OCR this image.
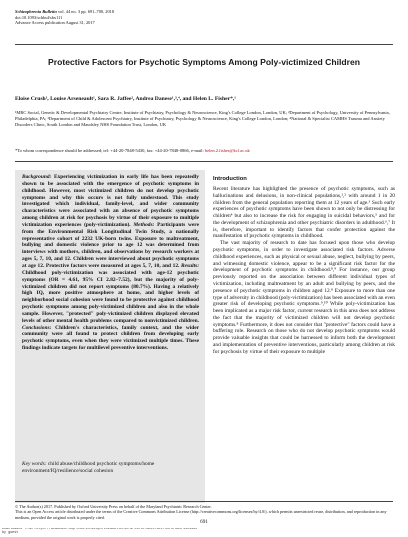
Schizophrenia Bulletin vol. 44 no. 3 pp. 691–700, 2018
doi:10.1093/schbul/sbx111
Advance Access publication August 31, 2017
Protective Factors for Psychotic Symptoms Among Poly-victimized Children
Eloise Crush¹, Louise Arseneault¹, Sara R. Jaffee², Andrea Danese¹,³,⁴, and Helen L. Fisher*,¹
¹MRC Social, Genetic & Developmental Psychiatry Centre, Institute of Psychiatry, Psychology & Neuroscience, King's College London, London, UK; ²Department of Psychology, University of Pennsylvania, Philadelphia, PA; ³Department of Child & Adolescent Psychiatry, Institute of Psychiatry, Psychology & Neuroscience, King's College London, London; ⁴National & Specialist CAMHS Trauma and Anxiety Disorders Clinic, South London and Maudsley NHS Foundation Trust, London, UK
*To whom correspondence should be addressed; tel: +44-20-7848-5430, fax: +44-20-7848-0866, e-mail: helen.2.fisher@kcl.ac.uk
Background: Experiencing victimization in early life has been repeatedly shown to be associated with the emergence of psychotic symptoms in childhood. However, most victimized children do not develop psychotic symptoms and why this occurs is not fully understood. This study investigated which individual, family-level, and wider community characteristics were associated with an absence of psychotic symptoms among children at risk for psychosis by virtue of their exposure to multiple victimization experiences (poly-victimization). Methods: Participants were from the Environmental Risk Longitudinal Twin Study, a nationally representative cohort of 2232 UK-born twins. Exposure to maltreatment, bullying and domestic violence prior to age 12 was determined from interviews with mothers, children, and observations by research workers at ages 5, 7, 10, and 12. Children were interviewed about psychotic symptoms at age 12. Protective factors were measured at ages 5, 7, 10, and 12. Results: Childhood poly-victimization was associated with age-12 psychotic symptoms (OR = 4.61, 95% CI 2.82–7.52), but the majority of poly-victimized children did not report symptoms (80.7%). Having a relatively high IQ, more positive atmosphere at home, and higher levels of neighborhood social cohesion were found to be protective against childhood psychotic symptoms among poly-victimized children and also in the whole sample. However, "protected" poly-victimized children displayed elevated levels of other mental health problems compared to nonvictimized children. Conclusions: Children's characteristics, family context, and the wider community were all found to protect children from developing early psychotic symptoms, even when they were victimized multiple times. These findings indicate targets for multilevel preventive interventions.
Key words: child abuse/childhood psychotic symptoms/home environment/IQ/resilience/social cohesion
Introduction

Recent literature has highlighted the presence of psychotic symptoms, such as hallucinations and delusions, in non-clinical populations,¹,² with around 1 in 20 children from the general population reporting them at 12 years of age.³ Such early experiences of psychotic symptoms have been shown to not only be distressing for children⁴ but also to increase the risk for engaging in suicidal behaviors,⁵ and for the development of schizophrenia and other psychiatric disorders in adulthood.⁶,⁷ It is, therefore, important to identify factors that confer protection against the manifestation of psychotic symptoms in childhood.

The vast majority of research to date has focused upon those who develop psychotic symptoms, in order to investigate associated risk factors. Adverse childhood experiences, such as physical or sexual abuse, neglect, bullying by peers, and witnessing domestic violence, appear to be a significant risk factor for the development of psychotic symptoms in childhood.⁸,⁹ For instance, our group previously reported on the association between different individual types of victimization, including maltreatment by an adult and bullying by peers, and the presence of psychotic symptoms in children aged 12.⁸ Exposure to more than one type of adversity in childhood (poly-victimization) has been associated with an even greater risk of developing psychotic symptoms.⁹,¹⁰ While poly-victimization has been implicated as a major risk factor, current research in this area does not address the fact that the majority of victimized children will not develop psychotic symptoms.⁸ Furthermore, it does not consider that "protective" factors could have a buffering role. Research on those who do not develop psychotic symptoms would provide valuable insights that could be harnessed to inform both the development and implementation of preventive interventions, particularly among children at risk for psychosis by virtue of their exposure to multiple

© The Author(s) 2017. Published by Oxford University Press on behalf of the Maryland Psychiatric Research Center.
This is an Open Access article distributed under the terms of the Creative Commons Attribution License (http://creativecommons.org/licenses/by/4.0/), which permits unrestricted reuse, distribution, and reproduction in any medium, provided the original work is properly cited.
691
Downloaded from https://academic.oup.com/schizophreniabulletin/article-abstract/44/3/691/4103365
by guest
